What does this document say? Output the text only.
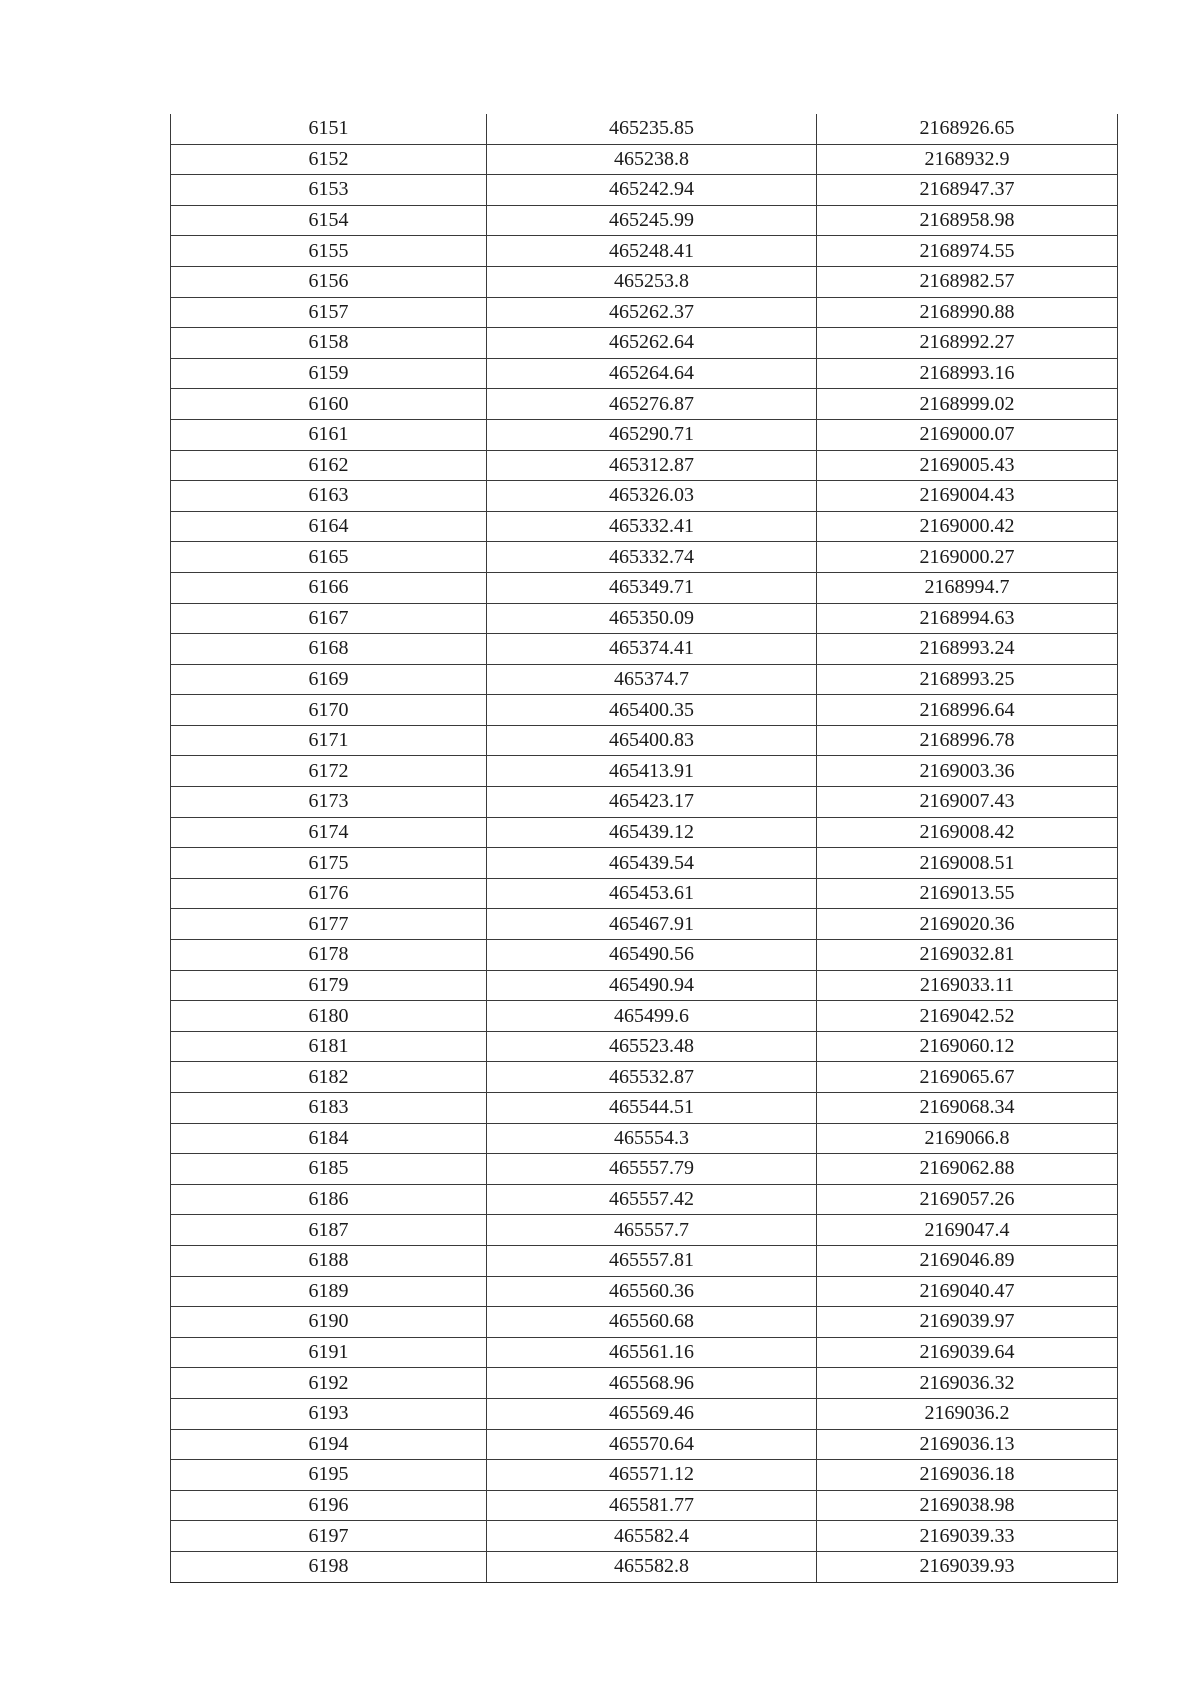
6151	465235.85	2168926.65
6152	465238.8	2168932.9
6153	465242.94	2168947.37
6154	465245.99	2168958.98
6155	465248.41	2168974.55
6156	465253.8	2168982.57
6157	465262.37	2168990.88
6158	465262.64	2168992.27
6159	465264.64	2168993.16
6160	465276.87	2168999.02
6161	465290.71	2169000.07
6162	465312.87	2169005.43
6163	465326.03	2169004.43
6164	465332.41	2169000.42
6165	465332.74	2169000.27
6166	465349.71	2168994.7
6167	465350.09	2168994.63
6168	465374.41	2168993.24
6169	465374.7	2168993.25
6170	465400.35	2168996.64
6171	465400.83	2168996.78
6172	465413.91	2169003.36
6173	465423.17	2169007.43
6174	465439.12	2169008.42
6175	465439.54	2169008.51
6176	465453.61	2169013.55
6177	465467.91	2169020.36
6178	465490.56	2169032.81
6179	465490.94	2169033.11
6180	465499.6	2169042.52
6181	465523.48	2169060.12
6182	465532.87	2169065.67
6183	465544.51	2169068.34
6184	465554.3	2169066.8
6185	465557.79	2169062.88
6186	465557.42	2169057.26
6187	465557.7	2169047.4
6188	465557.81	2169046.89
6189	465560.36	2169040.47
6190	465560.68	2169039.97
6191	465561.16	2169039.64
6192	465568.96	2169036.32
6193	465569.46	2169036.2
6194	465570.64	2169036.13
6195	465571.12	2169036.18
6196	465581.77	2169038.98
6197	465582.4	2169039.33
6198	465582.8	2169039.93
